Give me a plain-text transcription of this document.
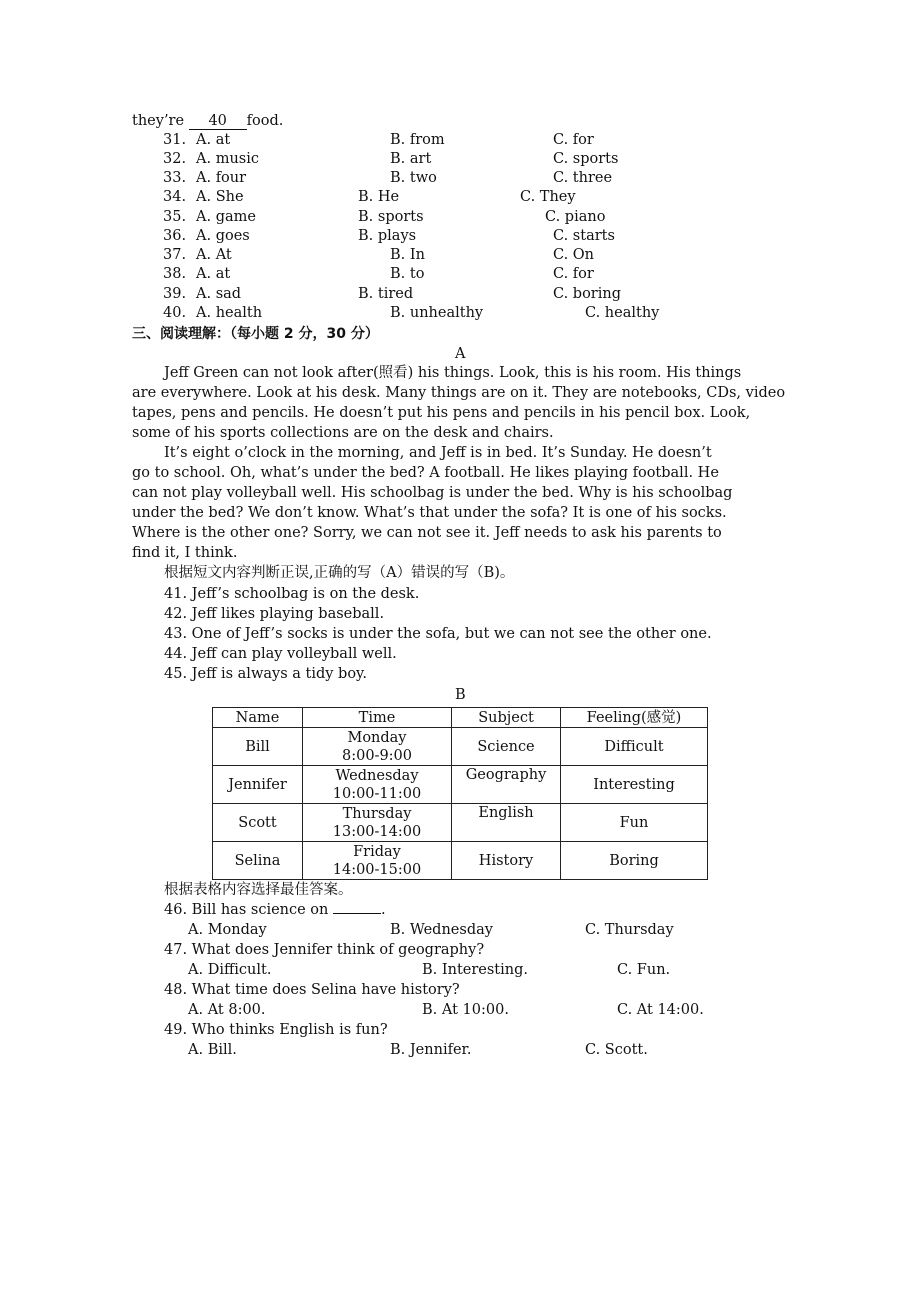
they’re 40 food.
31. A. at	B. from	C. for
32. A. music	B. art	C. sports
33. A. four	B. two	C. three
34. A. She	B. He	C. They
35. A. game	B. sports	C. piano
36. A. goes	B. plays	C. starts
37. A. At	B. In	C. On
38. A. at	B. to	C. for
39. A. sad	B. tired	C. boring
40. A. health	B. unhealthy	C. healthy
三、阅读理解：（每小题 2 分，30 分）
A
Jeff Green can not look after(照看) his things. Look, this is his room. His things
are everywhere. Look at his desk. Many things are on it. They are notebooks, CDs, video
tapes, pens and pencils. He doesn’t put his pens and pencils in his pencil box. Look,
some of his sports collections are on the desk and chairs.
It’s eight o’clock in the morning, and Jeff is in bed. It’s Sunday. He doesn’t
go to school. Oh, what’s under the bed? A football. He likes playing football. He
can not play volleyball well. His schoolbag is under the bed. Why is his schoolbag
under the bed? We don’t know. What’s that under the sofa? It is one of his socks.
Where is the other one? Sorry, we can not see it. Jeff needs to ask his parents to
find it, I think.
根据短文内容判断正误,正确的写（A）错误的写（B)。
41. Jeff’s schoolbag is on the desk.
42. Jeff likes playing baseball.
43. One of Jeff’s socks is under the sofa, but we can not see the other one.
44. Jeff can play volleyball well.
45. Jeff is always a tidy boy.
B
Name	Time	Subject	Feeling(感觉)
Bill	Monday
8:00-9:00	Science	Difficult
Jennifer	Wednesday
10:00-11:00	Geography	Interesting
Scott	Thursday
13:00-14:00	English	Fun
Selina	Friday
14:00-15:00	History	Boring
根据表格内容选择最佳答案。
46. Bill has science on	.
A. Monday	B. Wednesday	C. Thursday
47. What does Jennifer think of geography?
A. Difficult.	B. Interesting.	C. Fun.
48. What time does Selina have history?
A. At 8:00.	B. At 10:00.	C. At 14:00.
49. Who thinks English is fun?
A. Bill.	B. Jennifer.	C. Scott.
